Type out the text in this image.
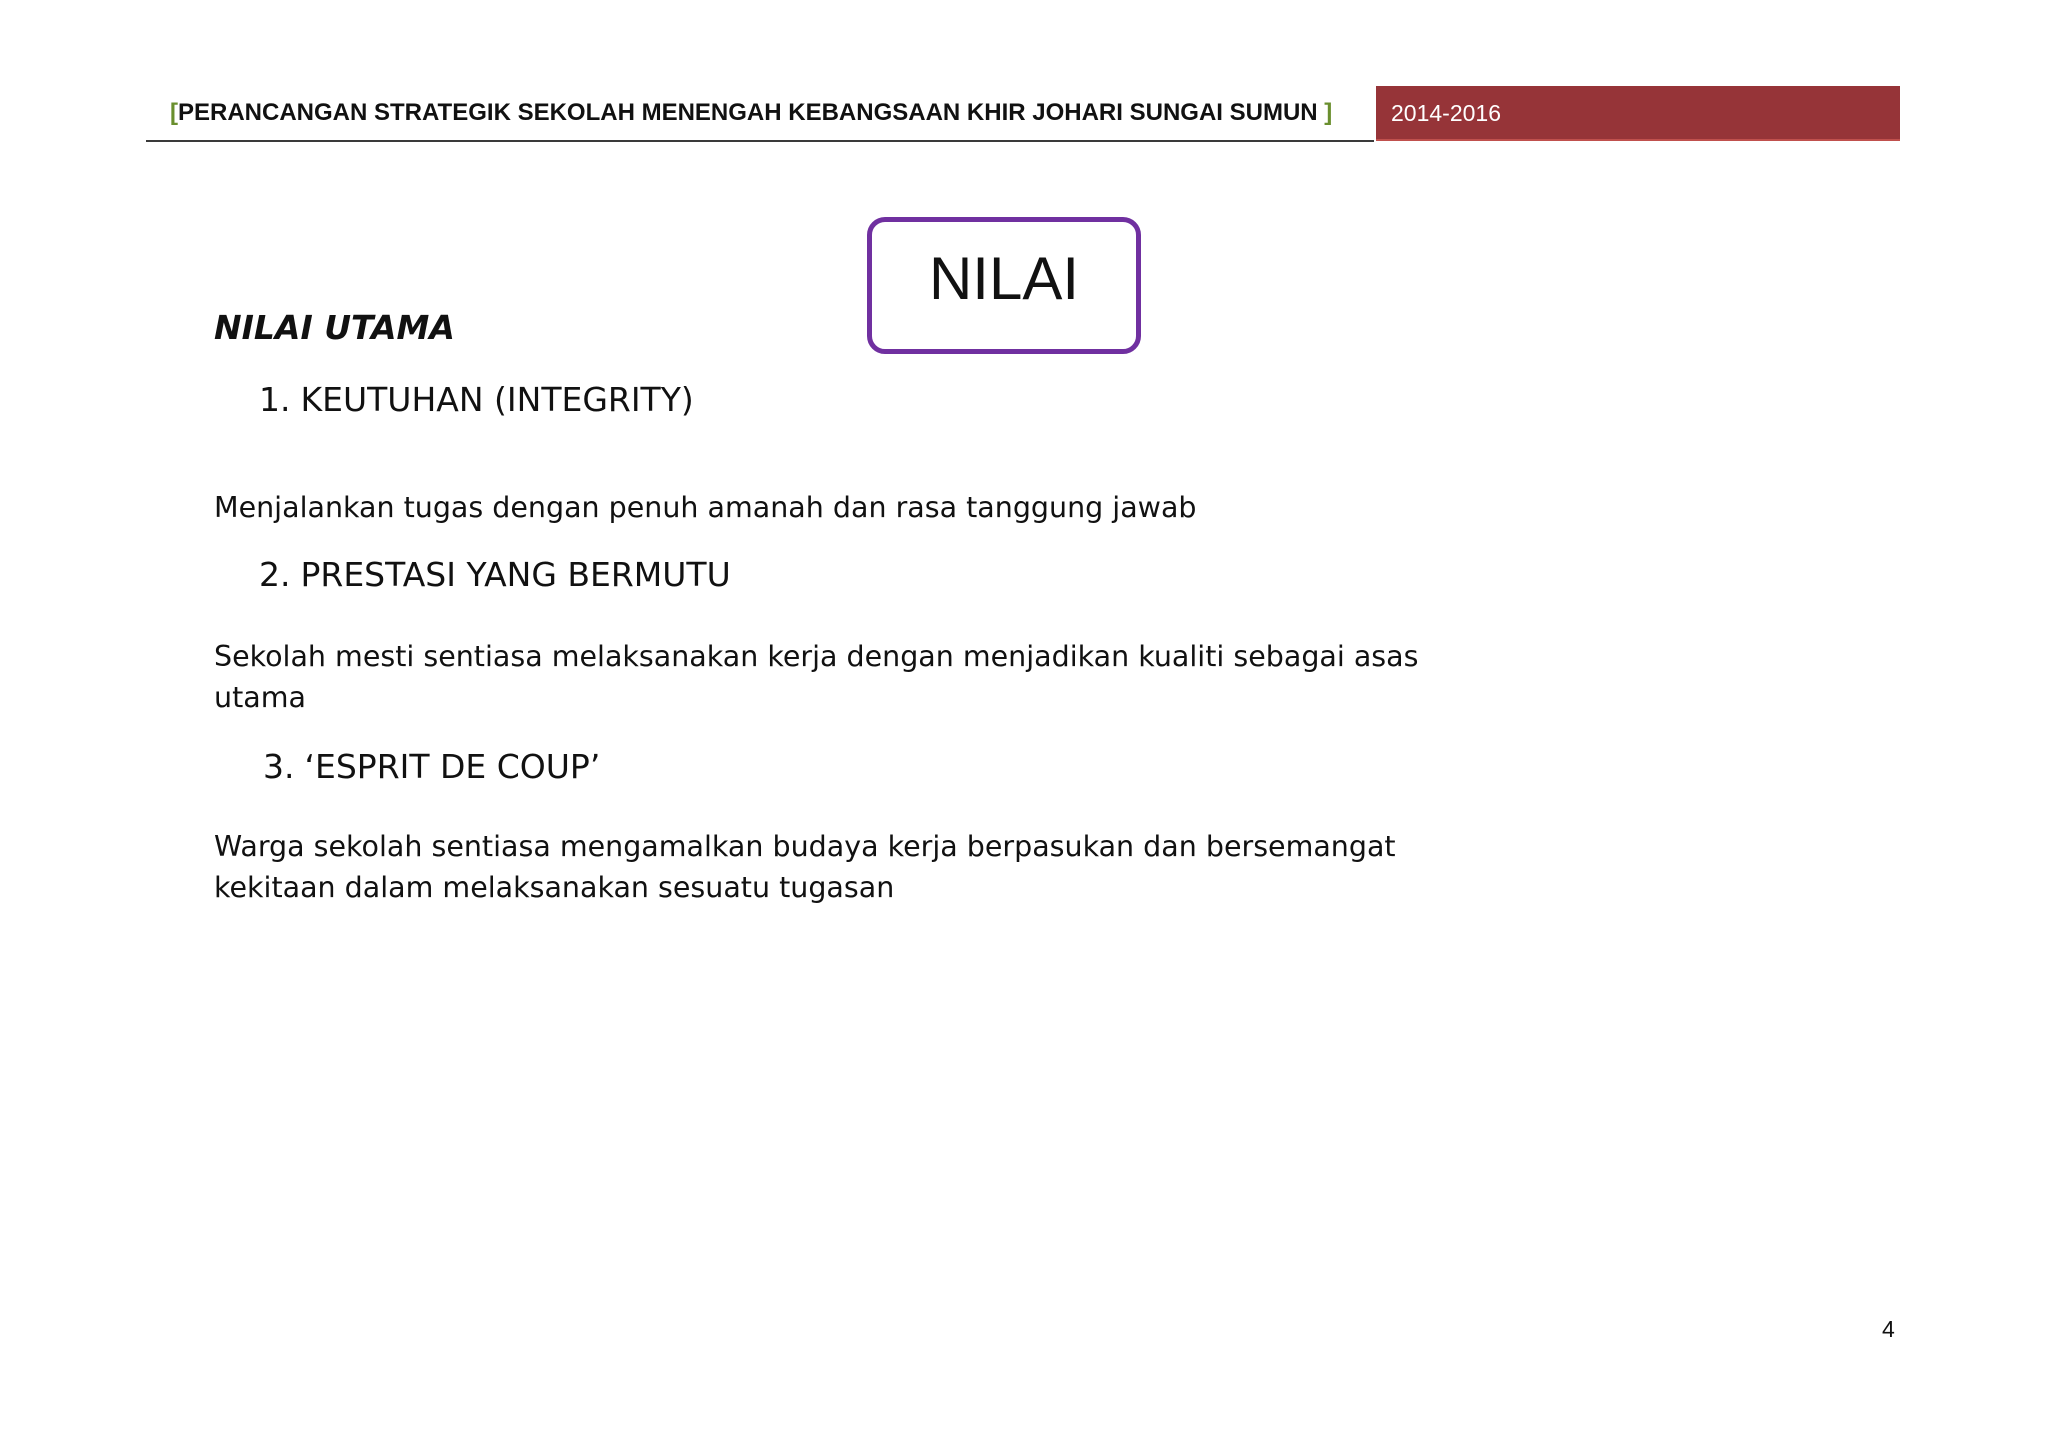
[PERANCANGAN STRATEGIK SEKOLAH MENENGAH KEBANGSAAN KHIR JOHARI SUNGAI SUMUN ]	2014-2016
NILAI
NILAI UTAMA
1. KEUTUHAN (INTEGRITY)
Menjalankan tugas dengan penuh amanah dan rasa tanggung jawab
2. PRESTASI YANG BERMUTU
Sekolah mesti sentiasa melaksanakan kerja dengan menjadikan kualiti sebagai asas utama
3. ‘ESPRIT DE COUP’
Warga sekolah sentiasa mengamalkan budaya kerja berpasukan dan bersemangat kekitaan dalam melaksanakan sesuatu tugasan
4
